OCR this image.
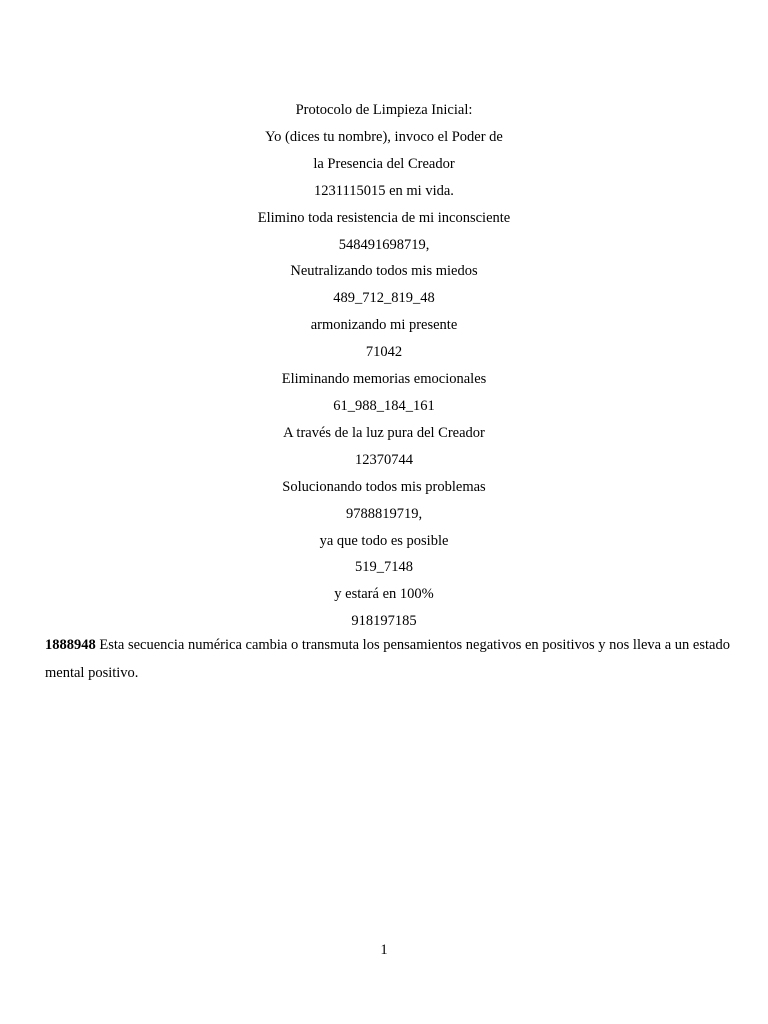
Protocolo de Limpieza Inicial:
Yo (dices tu nombre), invoco el Poder de
la Presencia del Creador
1231115015 en mi vida.
Elimino toda resistencia de mi inconsciente
548491698719,
Neutralizando todos mis miedos
489_712_819_48
armonizando mi presente
71042
Eliminando memorias emocionales
61_988_184_161
A través de la luz pura del Creador
12370744
Solucionando todos mis problemas
9788819719,
ya que todo es posible
519_7148
y estará en 100%
918197185

1888948 Esta secuencia numérica cambia o transmuta los pensamientos negativos en positivos y nos lleva a un estado mental positivo.

1
